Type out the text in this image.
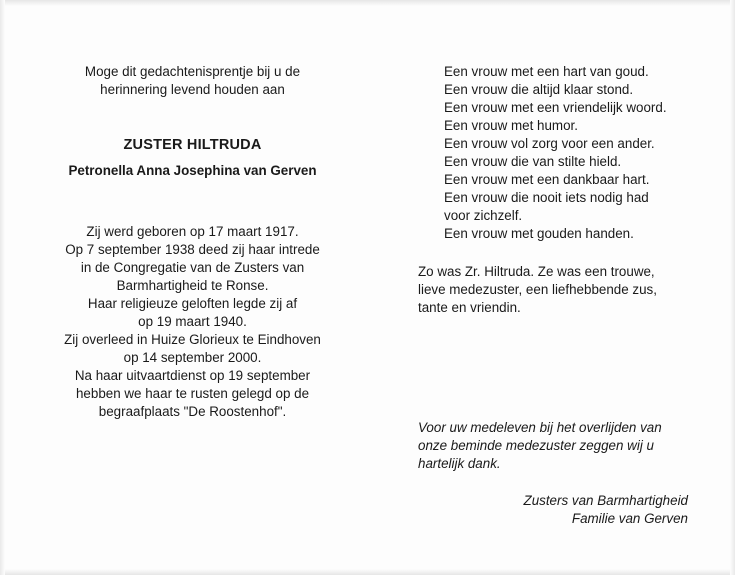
Moge dit gedachtenisprentje bij u de
herinnering levend houden aan
ZUSTER HILTRUDA
Petronella Anna Josephina van Gerven
Zij werd geboren op 17 maart 1917.
Op 7 september 1938 deed zij haar intrede
in de Congregatie van de Zusters van
Barmhartigheid te Ronse.
Haar religieuze geloften legde zij af
op 19 maart 1940.
Zij overleed in Huize Glorieux te Eindhoven
op 14 september 2000.
Na haar uitvaartdienst op 19 september
hebben we haar te rusten gelegd op de
begraafplaats "De Roostenhof".
Een vrouw met een hart van goud.
Een vrouw die altijd klaar stond.
Een vrouw met een vriendelijk woord.
Een vrouw met humor.
Een vrouw vol zorg voor een ander.
Een vrouw die van stilte hield.
Een vrouw met een dankbaar hart.
Een vrouw die nooit iets nodig had
voor zichzelf.
Een vrouw met gouden handen.
Zo was Zr. Hiltruda. Ze was een trouwe,
lieve medezuster, een liefhebbende zus,
tante en vriendin.
Voor uw medeleven bij het overlijden van
onze beminde medezuster zeggen wij u
hartelijk dank.
Zusters van Barmhartigheid
Familie van Gerven
